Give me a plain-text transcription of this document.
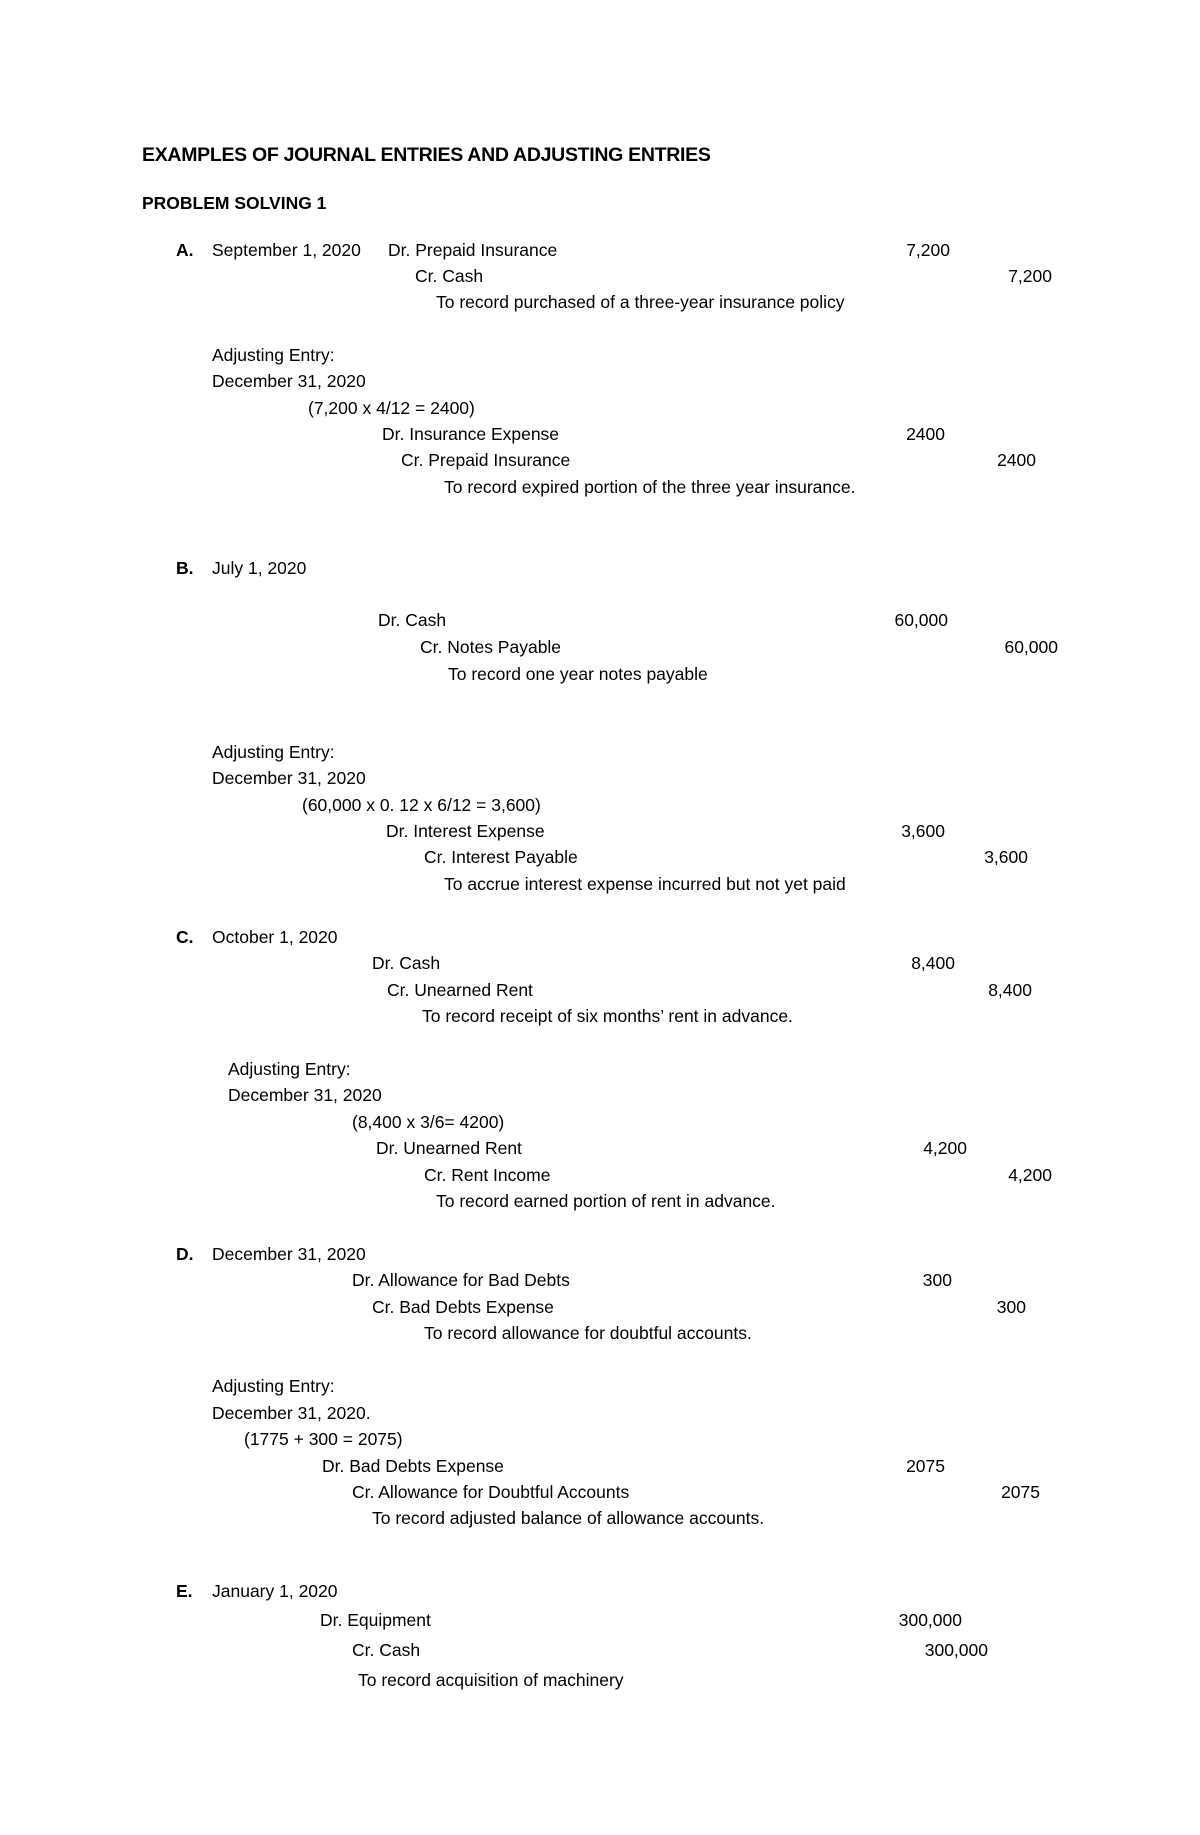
EXAMPLES OF JOURNAL ENTRIES AND ADJUSTING ENTRIES
PROBLEM SOLVING 1
A. September 1, 2020 Dr. Prepaid Insurance	7,200
Cr. Cash	7,200
To record purchased of a three-year insurance policy
Adjusting Entry:
December 31, 2020
(7,200 x 4/12 = 2400)
Dr. Insurance Expense	2400
Cr. Prepaid Insurance	2400
To record expired portion of the three year insurance.
B. July 1, 2020
Dr. Cash	60,000
Cr. Notes Payable	60,000
To record one year notes payable
Adjusting Entry:
December 31, 2020
(60,000 x 0. 12 x 6/12 = 3,600)
Dr. Interest Expense	3,600
Cr. Interest Payable	3,600
To accrue interest expense incurred but not yet paid
C. October 1, 2020
Dr. Cash	8,400
Cr. Unearned Rent	8,400
To record receipt of six months’ rent in advance.
Adjusting Entry:
December 31, 2020
(8,400 x 3/6= 4200)
Dr. Unearned Rent	4,200
Cr. Rent Income	4,200
To record earned portion of rent in advance.
D. December 31, 2020
Dr. Allowance for Bad Debts	300
Cr. Bad Debts Expense	300
To record allowance for doubtful accounts.
Adjusting Entry:
December 31, 2020.
(1775 + 300 = 2075)
Dr. Bad Debts Expense	2075
Cr. Allowance for Doubtful Accounts	2075
To record adjusted balance of allowance accounts.
E. January 1, 2020
Dr. Equipment	300,000
Cr. Cash	300,000
To record acquisition of machinery
